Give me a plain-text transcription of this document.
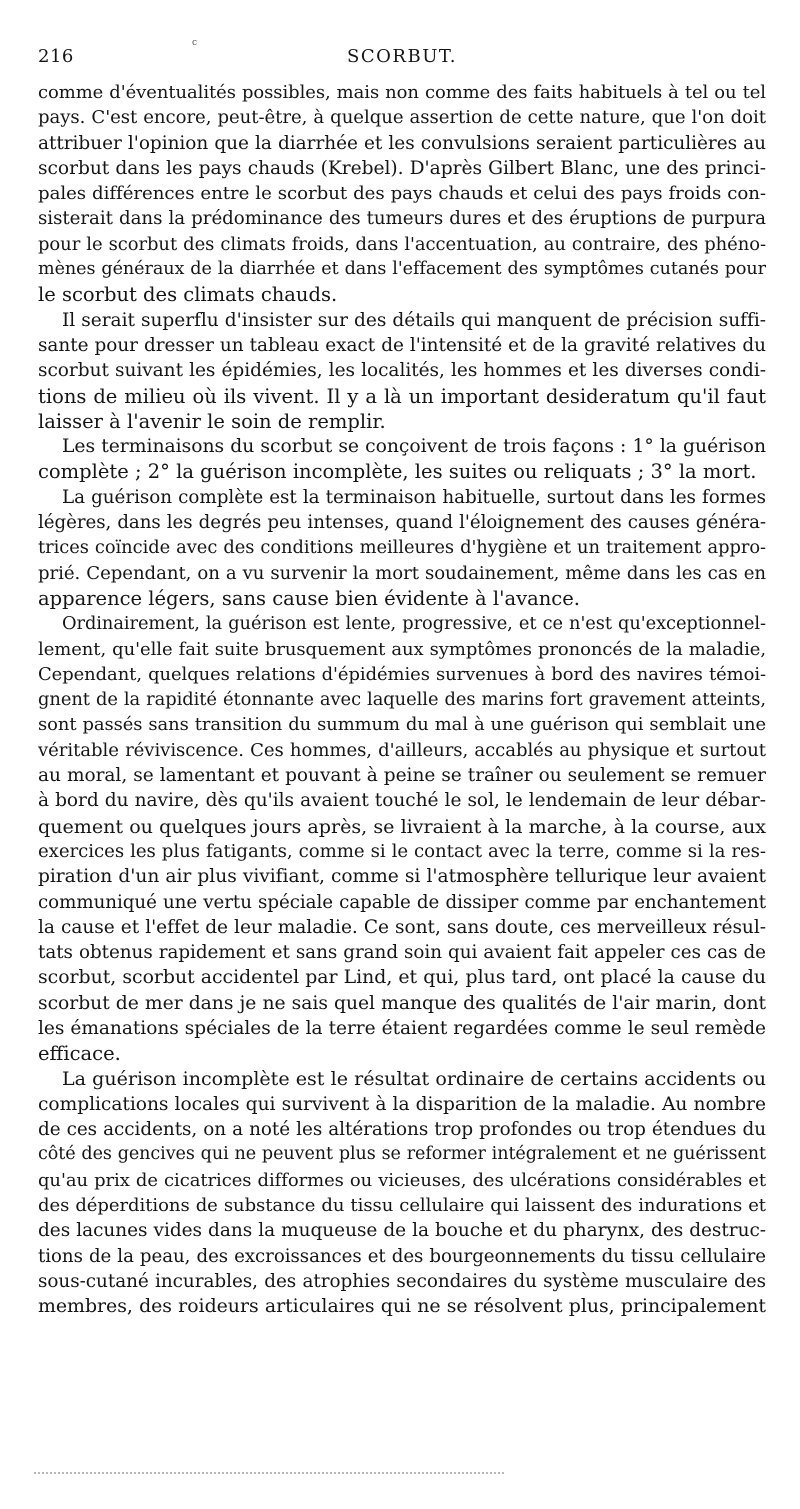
c
216	SCORBUT.
comme d'éventualités possibles, mais non comme des faits habituels à tel ou tel
pays. C'est encore, peut-être, à quelque assertion de cette nature, que l'on doit
attribuer l'opinion que la diarrhée et les convulsions seraient particulières au
scorbut dans les pays chauds (Krebel). D'après Gilbert Blanc, une des princi-
pales différences entre le scorbut des pays chauds et celui des pays froids con-
sisterait dans la prédominance des tumeurs dures et des éruptions de purpura
pour le scorbut des climats froids, dans l'accentuation, au contraire, des phéno-
mènes généraux de la diarrhée et dans l'effacement des symptômes cutanés pour
le scorbut des climats chauds.
Il serait superflu d'insister sur des détails qui manquent de précision suffi-
sante pour dresser un tableau exact de l'intensité et de la gravité relatives du
scorbut suivant les épidémies, les localités, les hommes et les diverses condi-
tions de milieu où ils vivent. Il y a là un important desideratum qu'il faut
laisser à l'avenir le soin de remplir.
Les terminaisons du scorbut se conçoivent de trois façons : 1° la guérison
complète ; 2° la guérison incomplète, les suites ou reliquats ; 3° la mort.
La guérison complète est la terminaison habituelle, surtout dans les formes
légères, dans les degrés peu intenses, quand l'éloignement des causes généra-
trices coïncide avec des conditions meilleures d'hygiène et un traitement appro-
prié. Cependant, on a vu survenir la mort soudainement, même dans les cas en
apparence légers, sans cause bien évidente à l'avance.
Ordinairement, la guérison est lente, progressive, et ce n'est qu'exceptionnel-
lement, qu'elle fait suite brusquement aux symptômes prononcés de la maladie,
Cependant, quelques relations d'épidémies survenues à bord des navires témoi-
gnent de la rapidité étonnante avec laquelle des marins fort gravement atteints,
sont passés sans transition du summum du mal à une guérison qui semblait une
véritable réviviscence. Ces hommes, d'ailleurs, accablés au physique et surtout
au moral, se lamentant et pouvant à peine se traîner ou seulement se remuer
à bord du navire, dès qu'ils avaient touché le sol, le lendemain de leur débar-
quement ou quelques jours après, se livraient à la marche, à la course, aux
exercices les plus fatigants, comme si le contact avec la terre, comme si la res-
piration d'un air plus vivifiant, comme si l'atmosphère tellurique leur avaient
communiqué une vertu spéciale capable de dissiper comme par enchantement
la cause et l'effet de leur maladie. Ce sont, sans doute, ces merveilleux résul-
tats obtenus rapidement et sans grand soin qui avaient fait appeler ces cas de
scorbut, scorbut accidentel par Lind, et qui, plus tard, ont placé la cause du
scorbut de mer dans je ne sais quel manque des qualités de l'air marin, dont
les émanations spéciales de la terre étaient regardées comme le seul remède
efficace.
La guérison incomplète est le résultat ordinaire de certains accidents ou
complications locales qui survivent à la disparition de la maladie. Au nombre
de ces accidents, on a noté les altérations trop profondes ou trop étendues du
côté des gencives qui ne peuvent plus se reformer intégralement et ne guérissent
qu'au prix de cicatrices difformes ou vicieuses, des ulcérations considérables et
des déperditions de substance du tissu cellulaire qui laissent des indurations et
des lacunes vides dans la muqueuse de la bouche et du pharynx, des destruc-
tions de la peau, des excroissances et des bourgeonnements du tissu cellulaire
sous-cutané incurables, des atrophies secondaires du système musculaire des
membres, des roideurs articulaires qui ne se résolvent plus, principalement
